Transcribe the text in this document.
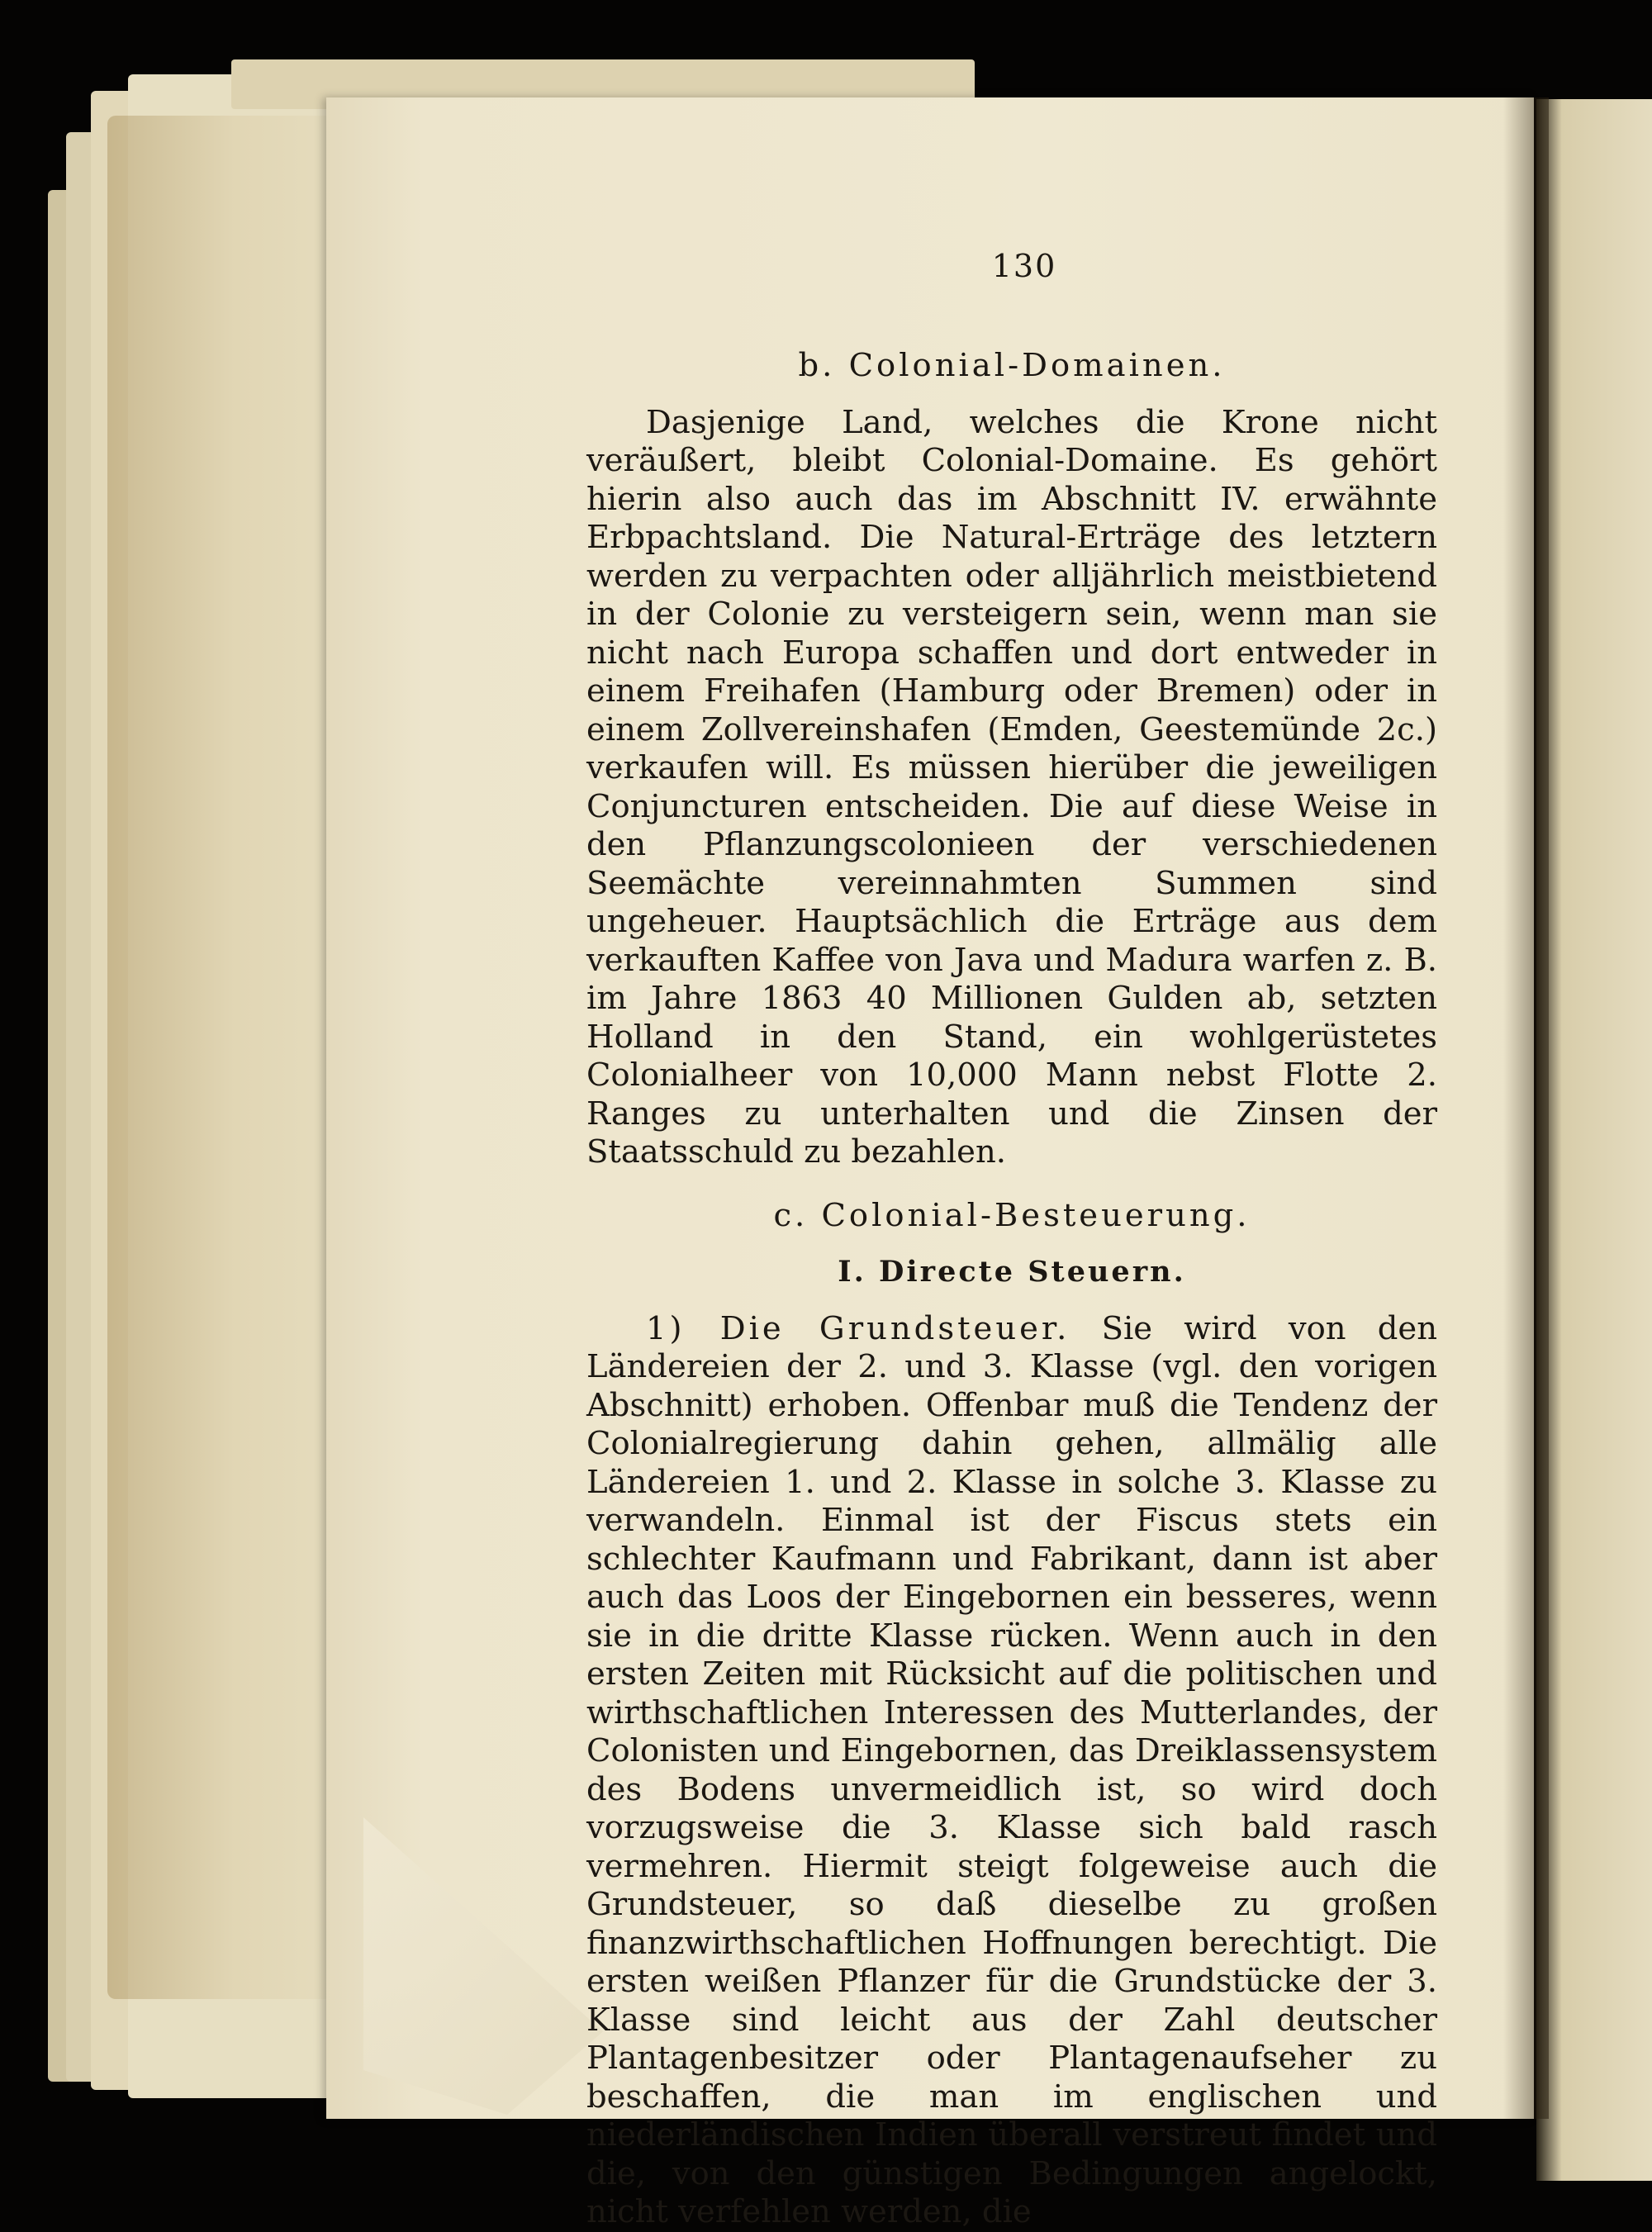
130

b. Colonial-Domainen.

Dasjenige Land, welches die Krone nicht veräußert, bleibt Colonial-Domaine. Es gehört hierin also auch das im Abschnitt IV. erwähnte Erbpachtsland. Die Natural-Erträge des letztern werden zu verpachten oder alljährlich meistbietend in der Colonie zu versteigern sein, wenn man sie nicht nach Europa schaffen und dort entweder in einem Freihafen (Hamburg oder Bremen) oder in einem Zollvereinshafen (Emden, Geestemünde 2c.) verkaufen will. Es müssen hierüber die jeweiligen Conjuncturen entscheiden. Die auf diese Weise in den Pflanzungscolonieen der verschiedenen Seemächte vereinnahmten Summen sind ungeheuer. Hauptsächlich die Erträge aus dem verkauften Kaffee von Java und Madura warfen z. B. im Jahre 1863 40 Millionen Gulden ab, setzten Holland in den Stand, ein wohlgerüstetes Colonialheer von 10,000 Mann nebst Flotte 2. Ranges zu unterhalten und die Zinsen der Staatsschuld zu bezahlen.

c. Colonial-Besteuerung.

I. Directe Steuern.

1) Die Grundsteuer. Sie wird von den Ländereien der 2. und 3. Klasse (vgl. den vorigen Abschnitt) erhoben. Offenbar muß die Tendenz der Colonialregierung dahin gehen, allmälig alle Ländereien 1. und 2. Klasse in solche 3. Klasse zu verwandeln. Einmal ist der Fiscus stets ein schlechter Kaufmann und Fabrikant, dann ist aber auch das Loos der Eingebornen ein besseres, wenn sie in die dritte Klasse rücken. Wenn auch in den ersten Zeiten mit Rücksicht auf die politischen und wirthschaftlichen Interessen des Mutterlandes, der Colonisten und Eingebornen, das Dreiklassensystem des Bodens unvermeidlich ist, so wird doch vorzugsweise die 3. Klasse sich bald rasch vermehren. Hiermit steigt folgeweise auch die Grundsteuer, so daß dieselbe zu großen finanzwirthschaftlichen Hoffnungen berechtigt. Die ersten weißen Pflanzer für die Grundstücke der 3. Klasse sind leicht aus der Zahl deutscher Plantagenbesitzer oder Plantagenaufseher zu beschaffen, die man im englischen und niederländischen Indien überall verstreut findet und die, von den günstigen Bedingungen angelockt, nicht verfehlen werden, die
